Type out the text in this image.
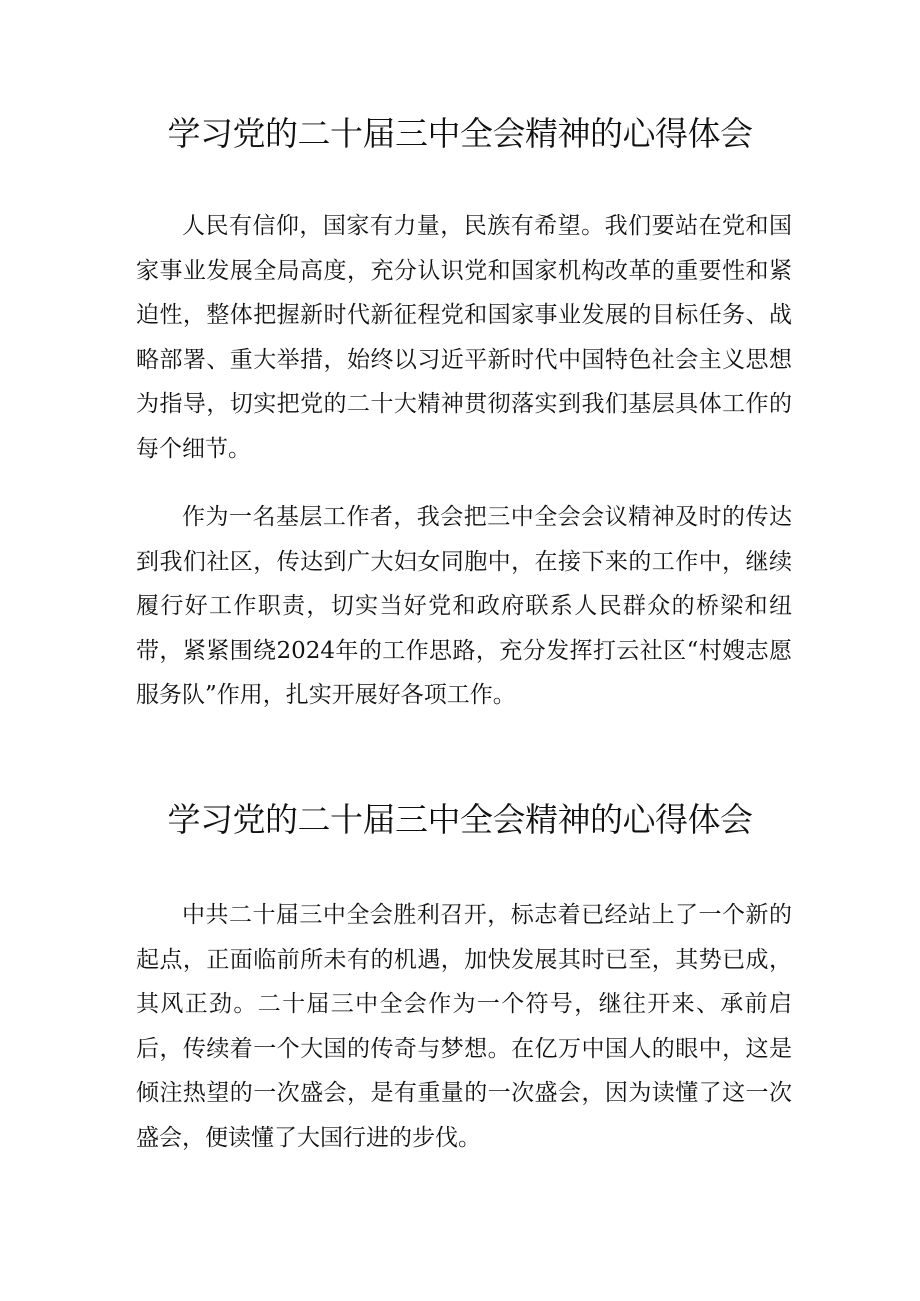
学习党的二十届三中全会精神的心得体会

人民有信仰，国家有力量，民族有希望。我们要站在党和国家事业发展全局高度，充分认识党和国家机构改革的重要性和紧迫性，整体把握新时代新征程党和国家事业发展的目标任务、战略部署、重大举措，始终以习近平新时代中国特色社会主义思想为指导，切实把党的二十大精神贯彻落实到我们基层具体工作的每个细节。

作为一名基层工作者，我会把三中全会会议精神及时的传达到我们社区，传达到广大妇女同胞中，在接下来的工作中，继续履行好工作职责，切实当好党和政府联系人民群众的桥梁和纽带，紧紧围绕2024年的工作思路，充分发挥打云社区“村嫂志愿服务队”作用，扎实开展好各项工作。

学习党的二十届三中全会精神的心得体会

中共二十届三中全会胜利召开，标志着已经站上了一个新的起点，正面临前所未有的机遇，加快发展其时已至，其势已成，其风正劲。二十届三中全会作为一个符号，继往开来、承前启后，传续着一个大国的传奇与梦想。在亿万中国人的眼中，这是倾注热望的一次盛会，是有重量的一次盛会，因为读懂了这一次盛会，便读懂了大国行进的步伐。
